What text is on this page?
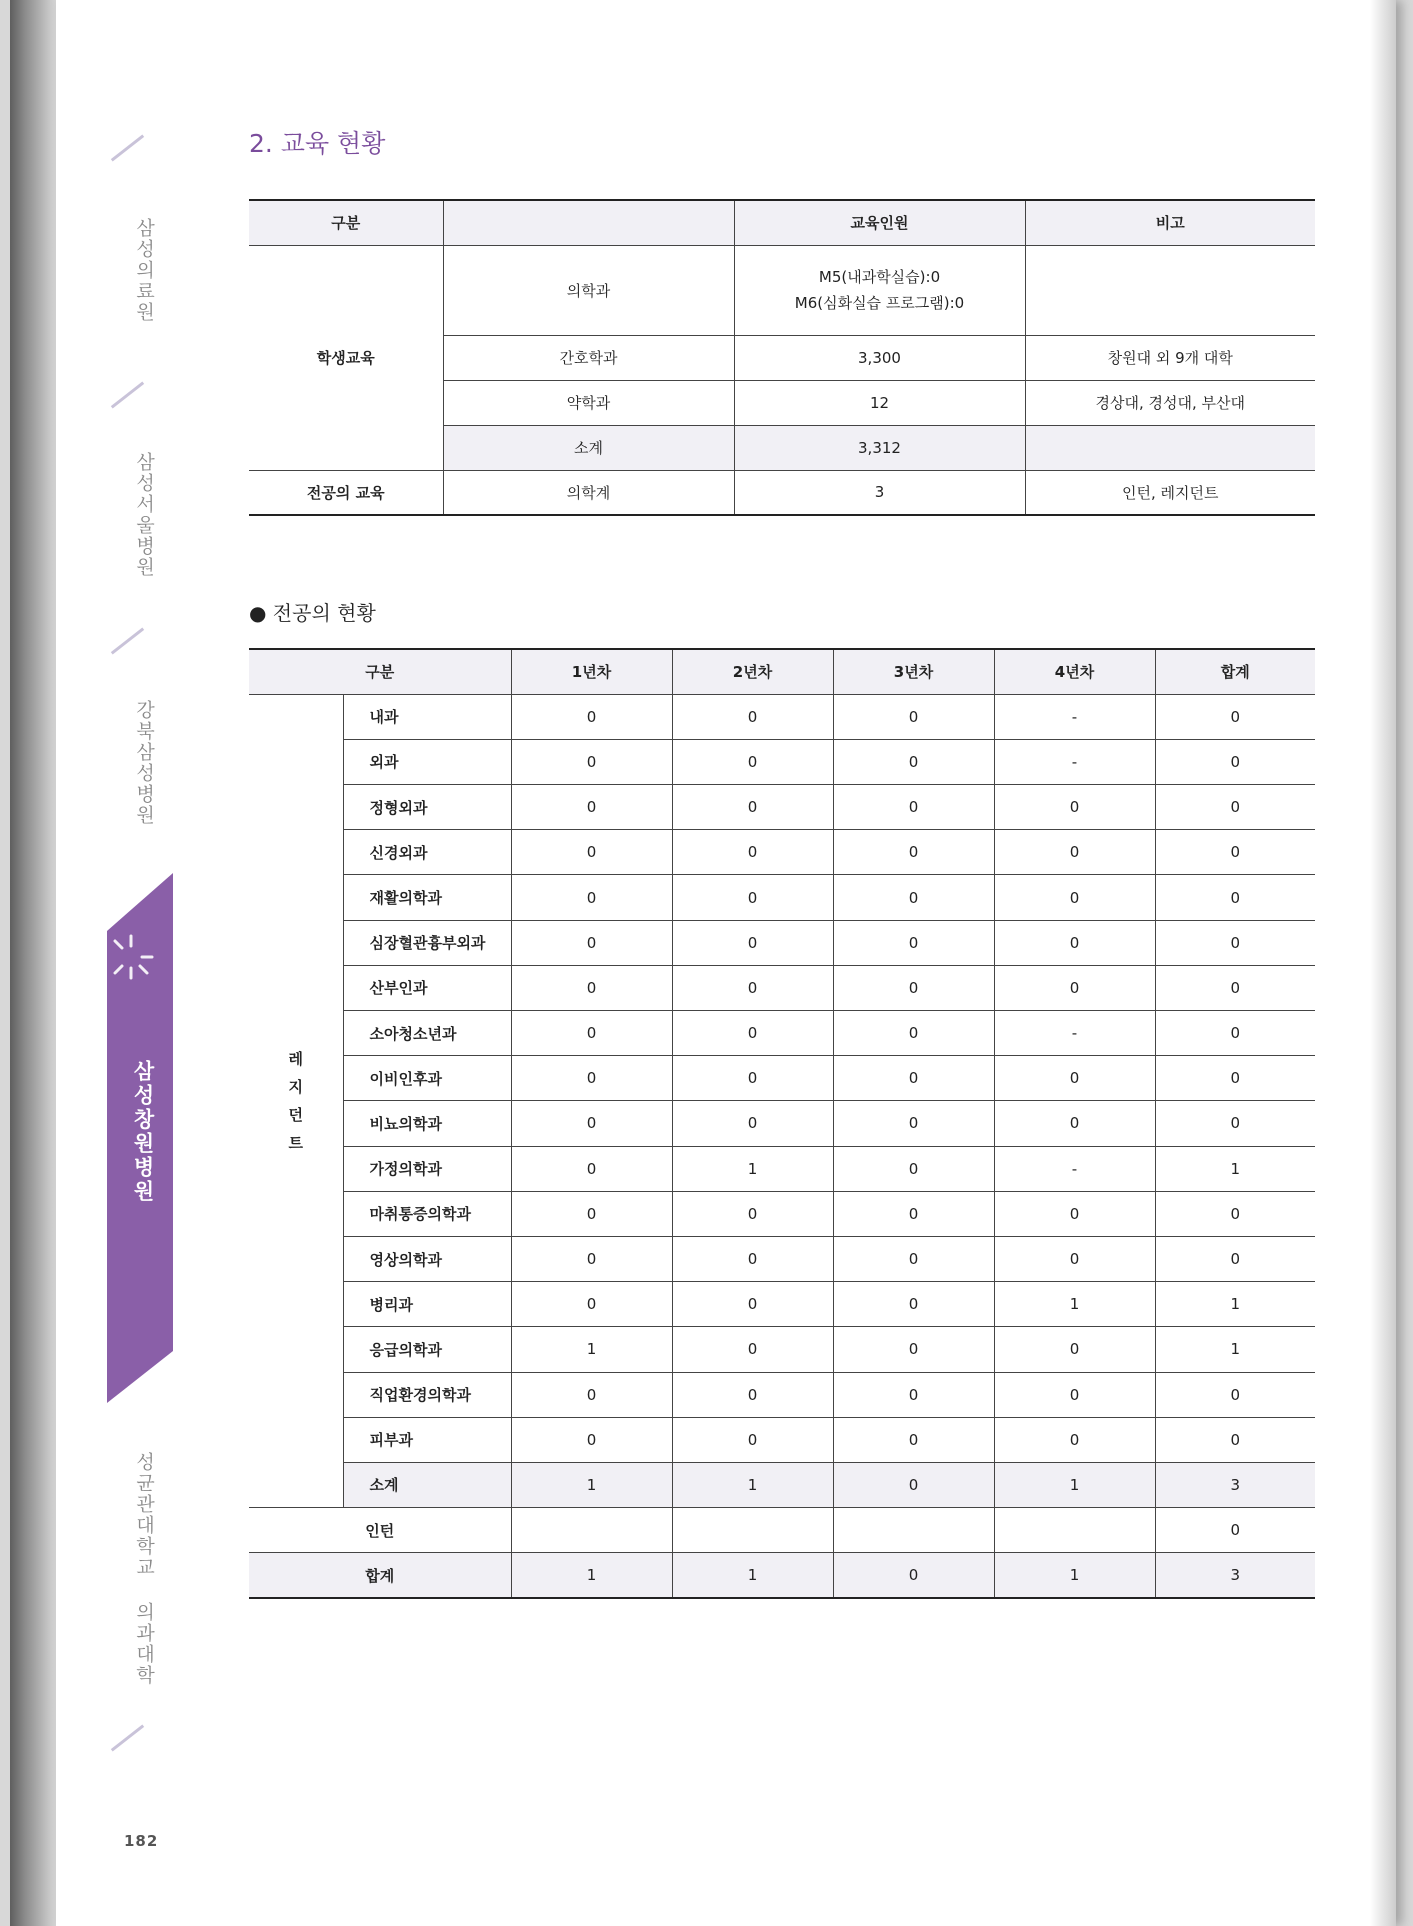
삼성의료원
삼성서울병원
강북삼성병원
삼성창원병원
성균관대학교 의과대학
182
2. 교육 현황
구분		교육인원	비고
학생교육	의학과	M5(내과학실습):0
M6(심화실습 프로그램):0	

	간호학과	3,300	창원대 외 9개 대학
	약학과	12	경상대, 경성대, 부산대
	소계	3,312	
전공의 교육	의학계	3	인턴, 레지던트
● 전공의 현황
구분		1년차	2년차	3년차	4년차	합계

레
지
던
트	내과	0	0	0	-	0
	외과	0	0	0	-	0
	정형외과	0	0	0	0	0
	신경외과	0	0	0	0	0
	재활의학과	0	0	0	0	0
	심장혈관흉부외과	0	0	0	0	0
	산부인과	0	0	0	0	0
	소아청소년과	0	0	0	-	0
	이비인후과	0	0	0	0	0
	비뇨의학과	0	0	0	0	0
	가정의학과	0	1	0	-	1
	마취통증의학과	0	0	0	0	0
	영상의학과	0	0	0	0	0
	병리과	0	0	0	1	1
	응급의학과	1	0	0	0	1
	직업환경의학과	0	0	0	0	0
	피부과	0	0	0	0	0
	소계	1	1	0	1	3
인턴						0
합계		1	1	0	1	3
